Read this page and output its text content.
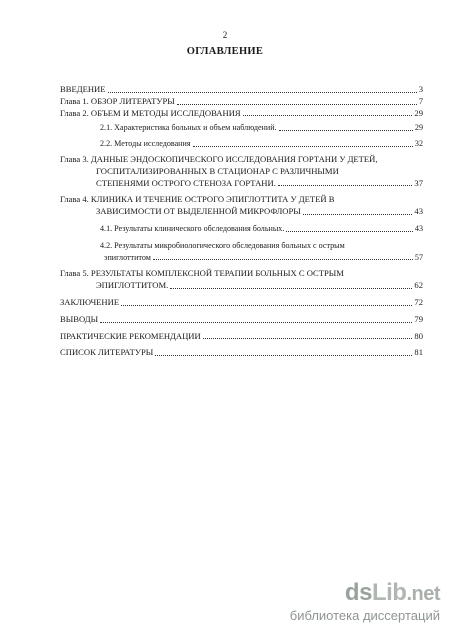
2
ОГЛАВЛЕНИЕ
ВВЕДЕНИЕ	3
Глава 1. ОБЗОР ЛИТЕРАТУРЫ	7
Глава 2. ОБЪЕМ И МЕТОДЫ ИССЛЕДОВАНИЯ	29
2.1. Характеристика больных и объем наблюдений.	29
2.2. Методы исследования	32
Глава 3. ДАННЫЕ ЭНДОСКОПИЧЕСКОГО ИССЛЕДОВАНИЯ ГОРТАНИ У ДЕТЕЙ,
ГОСПИТАЛИЗИРОВАННЫХ В СТАЦИОНАР С РАЗЛИЧНЫМИ
СТЕПЕНЯМИ ОСТРОГО СТЕНОЗА ГОРТАНИ.	37
Глава 4. КЛИНИКА И ТЕЧЕНИЕ ОСТРОГО ЭПИГЛОТТИТА У ДЕТЕЙ В
ЗАВИСИМОСТИ ОТ ВЫДЕЛЕННОЙ МИКРОФЛОРЫ	43
4.1. Результаты клинического обследования больных.	43
4.2. Результаты микробиологического обследования больных с острым
эпиглоттитом	57
Глава 5. РЕЗУЛЬТАТЫ КОМПЛЕКСНОЙ ТЕРАПИИ БОЛЬНЫХ С ОСТРЫМ
ЭПИГЛОТТИТОМ.	62
ЗАКЛЮЧЕНИЕ	72
ВЫВОДЫ	79
ПРАКТИЧЕСКИЕ РЕКОМЕНДАЦИИ	80
СПИСОК ЛИТЕРАТУРЫ	81
dsLib.net
библиотека диссертаций
